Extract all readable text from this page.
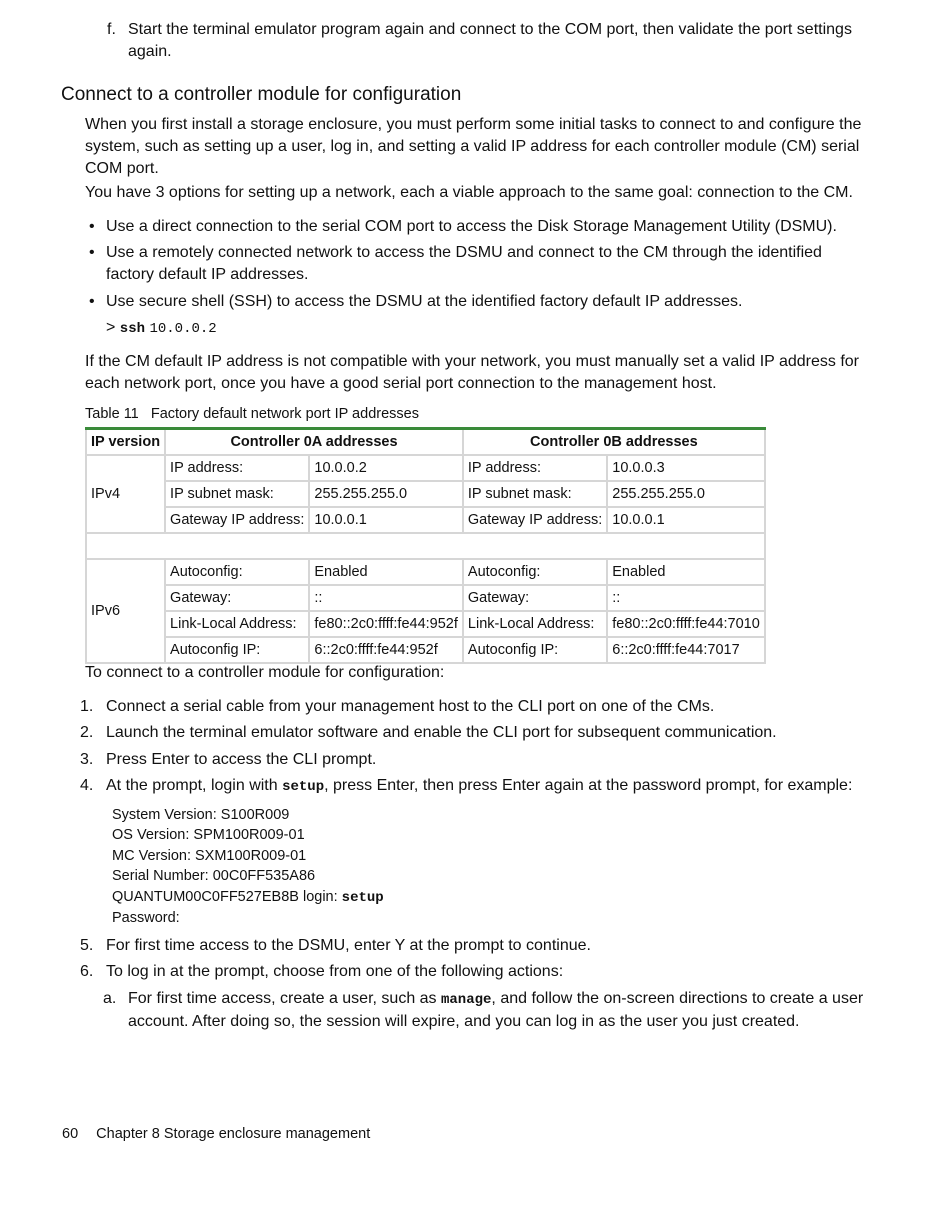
f. Start the terminal emulator program again and connect to the COM port, then validate the port settings
again.
Connect to a controller module for configuration
When you first install a storage enclosure, you must perform some initial tasks to connect to and configure the
system, such as setting up a user, log in, and setting a valid IP address for each controller module (CM) serial
COM port.
You have 3 options for setting up a network, each a viable approach to the same goal: connection to the CM.
• Use a direct connection to the serial COM port to access the Disk Storage Management Utility (DSMU).
• Use a remotely connected network to access the DSMU and connect to the CM through the identified
factory default IP addresses.
• Use secure shell (SSH) to access the DSMU at the identified factory default IP addresses.
> ssh 10.0.0.2
If the CM default IP address is not compatible with your network, you must manually set a valid IP address for
each network port, once you have a good serial port connection to the management host.
Table 11 Factory default network port IP addresses
IP version	Controller 0A addresses		Controller 0B addresses	
IPv4	IP address:	10.0.0.2	IP address:	10.0.0.3
	IP subnet mask:	255.255.255.0	IP subnet mask:	255.255.255.0
	Gateway IP address:	10.0.0.1	Gateway IP address:	10.0.0.1

IPv6	Autoconfig:	Enabled	Autoconfig:	Enabled
	Gateway:	::	Gateway:	::
	Link-Local Address:	fe80::2c0:ffff:fe44:952f	Link-Local Address:	fe80::2c0:ffff:fe44:7010
	Autoconfig IP:	6::2c0:ffff:fe44:952f	Autoconfig IP:	6::2c0:ffff:fe44:7017
To connect to a controller module for configuration:
1. Connect a serial cable from your management host to the CLI port on one of the CMs.
2. Launch the terminal emulator software and enable the CLI port for subsequent communication.
3. Press Enter to access the CLI prompt.
4. At the prompt, login with setup, press Enter, then press Enter again at the password prompt, for example:
System Version: S100R009
OS Version: SPM100R009-01
MC Version: SXM100R009-01
Serial Number: 00C0FF535A86
QUANTUM00C0FF527EB8B login: setup
Password:
5. For first time access to the DSMU, enter Y at the prompt to continue.
6. To log in at the prompt, choose from one of the following actions:
a. For first time access, create a user, such as manage, and follow the on-screen directions to create a user
account. After doing so, the session will expire, and you can log in as the user you just created.
60 Chapter 8 Storage enclosure management
